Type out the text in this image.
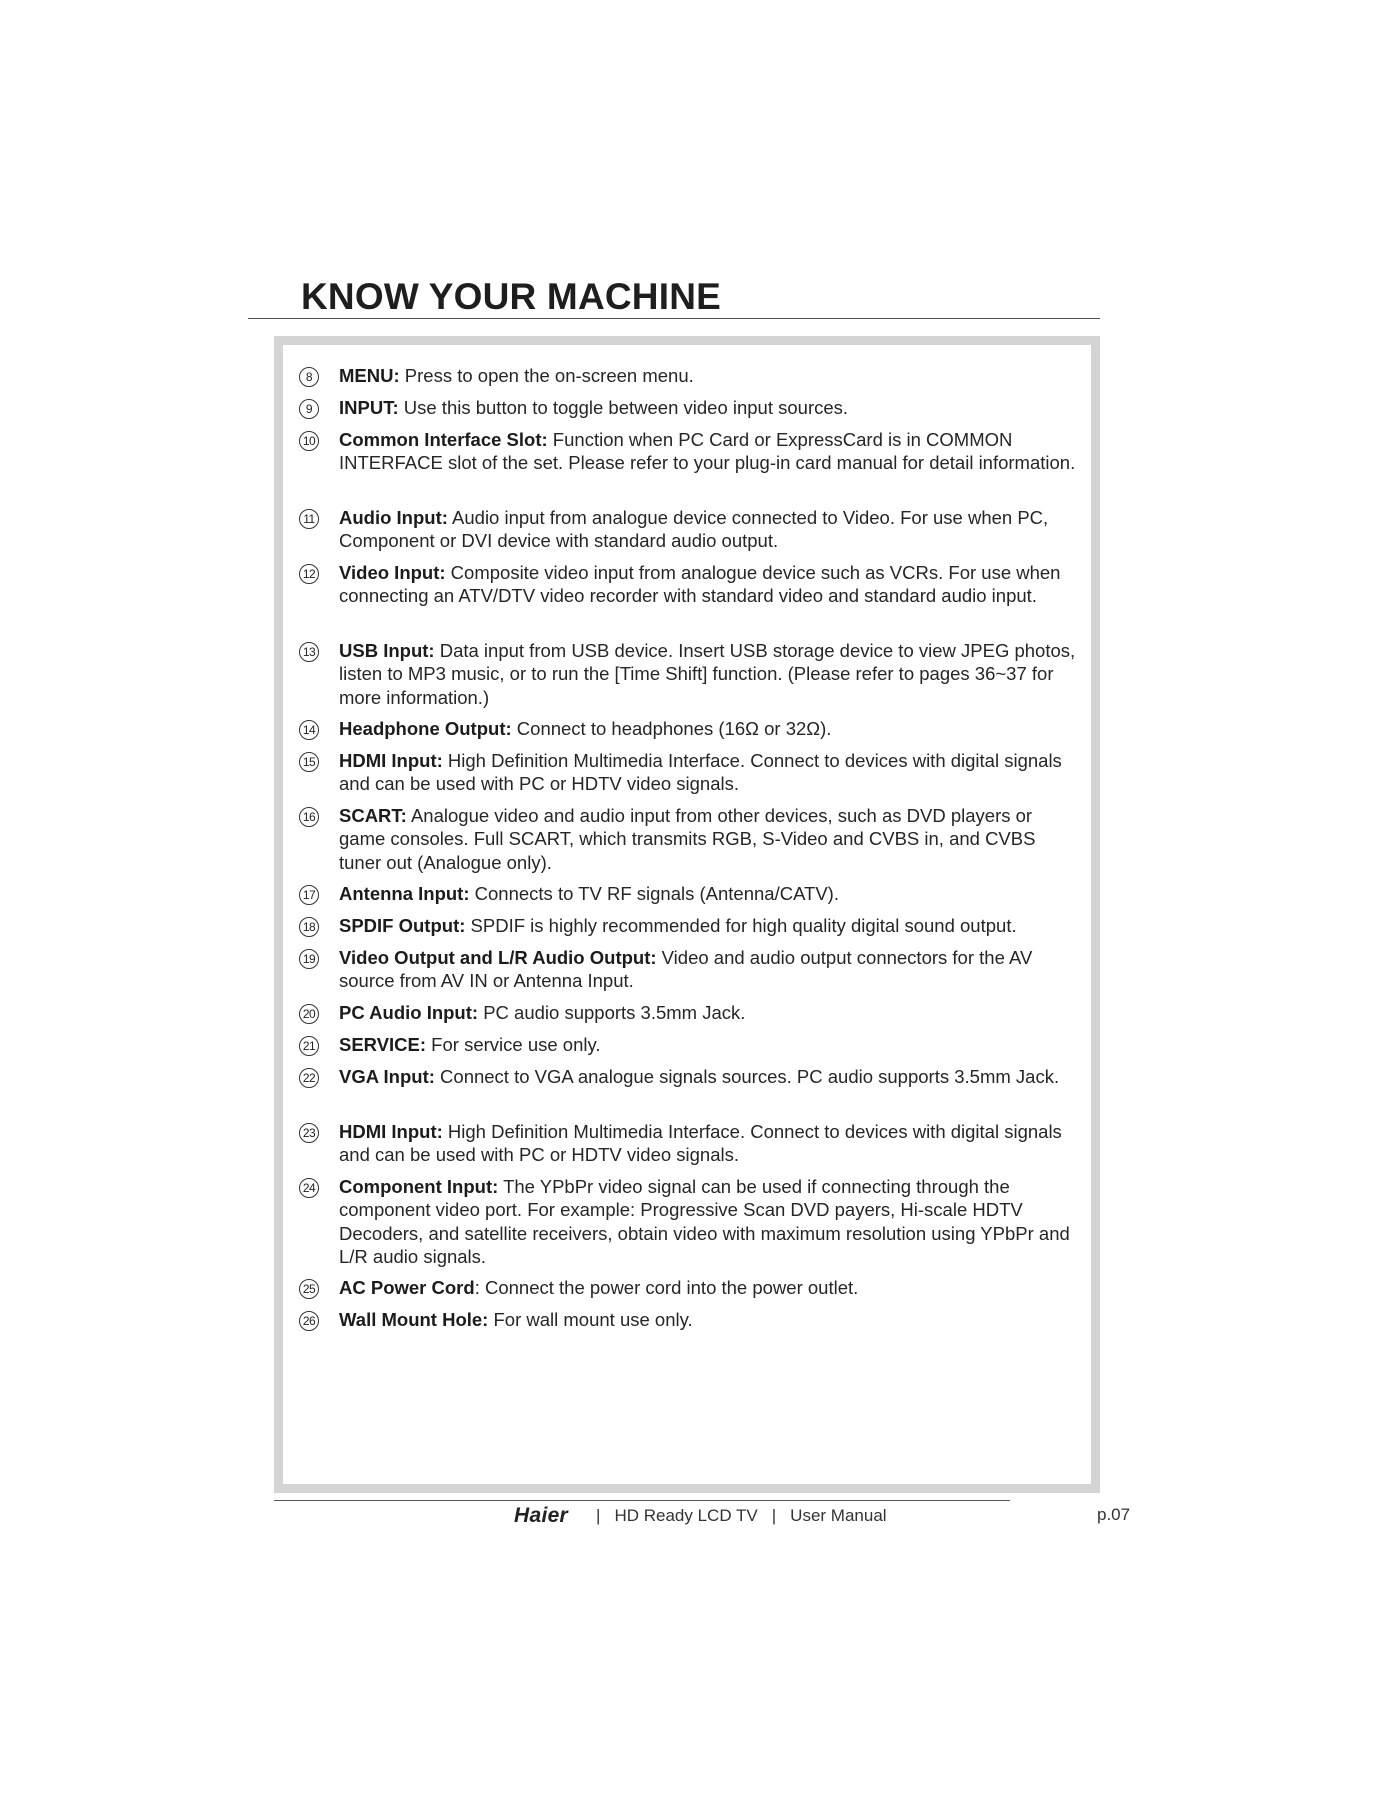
KNOW YOUR MACHINE
8	MENU: Press to open the on-screen menu.
9	INPUT: Use this button to toggle between video input sources.
10 Common Interface Slot: Function when PC Card or ExpressCard is in COMMON INTERFACE slot of the set. Please refer to your plug-in card manual for detail information.
11 Audio Input: Audio input from analogue device connected to Video. For use when PC, Component or DVI device with standard audio output.
12 Video Input: Composite video input from analogue device such as VCRs. For use when connecting an ATV/DTV video recorder with standard video and standard audio input.
13 USB Input: Data input from USB device. Insert USB storage device to view JPEG photos, listen to MP3 music, or to run the [Time Shift] function. (Please refer to pages 36~37 for more information.)
14 Headphone Output: Connect to headphones (16Ω or 32Ω).
15 HDMI Input: High Definition Multimedia Interface. Connect to devices with digital signals and can be used with PC or HDTV video signals.
16 SCART: Analogue video and audio input from other devices, such as DVD players or game consoles. Full SCART, which transmits RGB, S-Video and CVBS in, and CVBS tuner out (Analogue only).
17 Antenna Input: Connects to TV RF signals (Antenna/CATV).
18 SPDIF Output: SPDIF is highly recommended for high quality digital sound output.
19 Video Output and L/R Audio Output: Video and audio output connectors for the AV source from AV IN or Antenna Input.
20 PC Audio Input: PC audio supports 3.5mm Jack.
21 SERVICE: For service use only.
22 VGA Input: Connect to VGA analogue signals sources. PC audio supports 3.5mm Jack.
23 HDMI Input: High Definition Multimedia Interface. Connect to devices with digital signals and can be used with PC or HDTV video signals.
24 Component Input: The YPbPr video signal can be used if connecting through the component video port. For example: Progressive Scan DVD payers, Hi-scale HDTV Decoders, and satellite receivers, obtain video with maximum resolution using YPbPr and L/R audio signals.
25 AC Power Cord: Connect the power cord into the power outlet.
26 Wall Mount Hole: For wall mount use only.
Haier | HD Ready LCD TV | User Manual	p.07
